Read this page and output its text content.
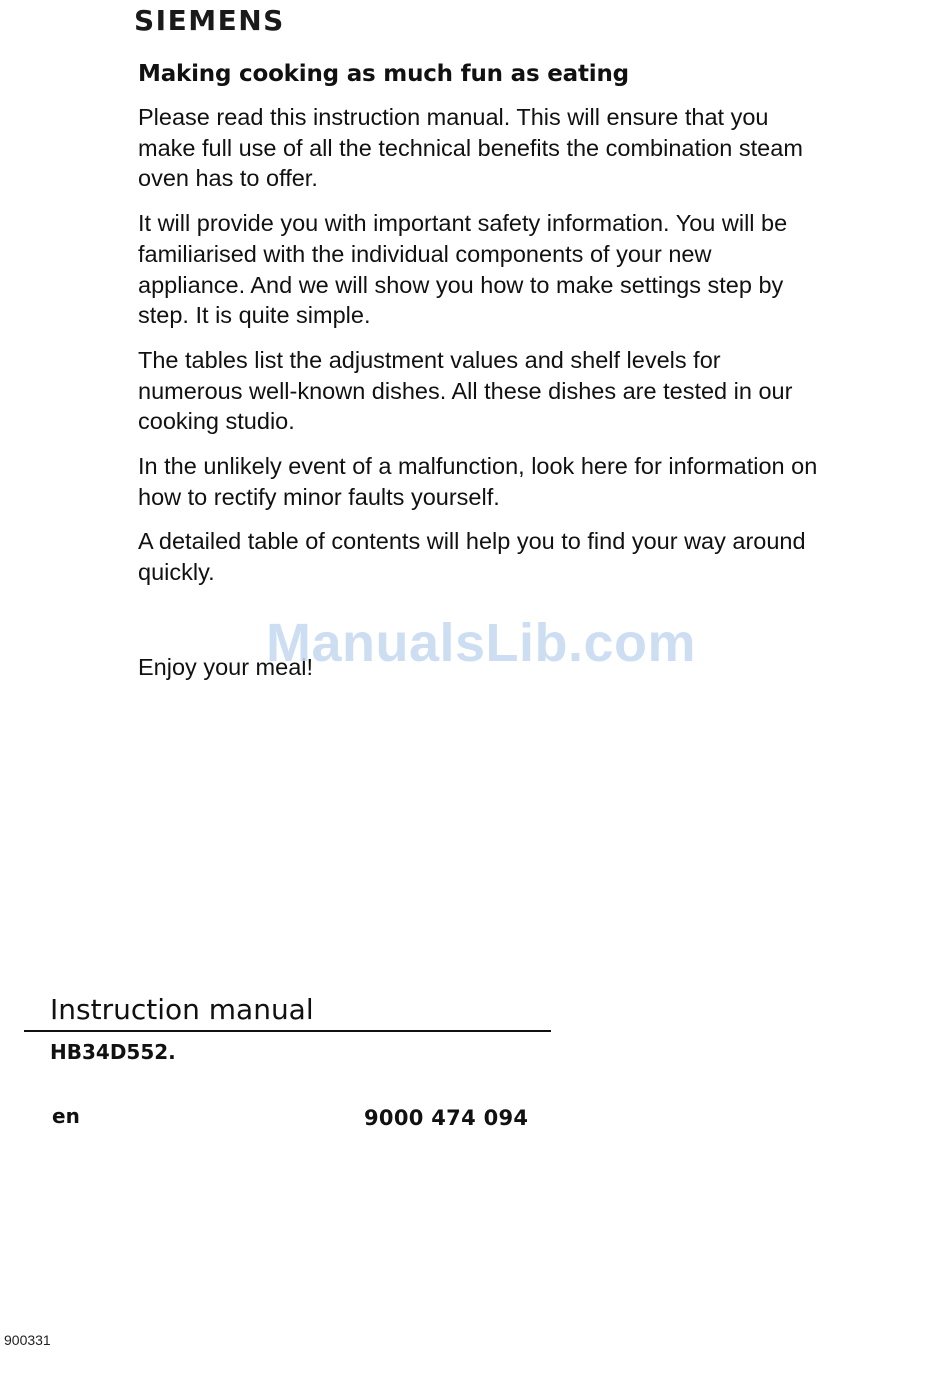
SIEMENS
Making cooking as much fun as eating

Please read this instruction manual. This will ensure that you make full use of all the technical benefits the combination steam oven has to offer.

It will provide you with important safety information. You will be familiarised with the individual components of your new appliance. And we will show you how to make settings step by step. It is quite simple.

The tables list the adjustment values and shelf levels for numerous well-known dishes. All these dishes are tested in our cooking studio.

In the unlikely event of a malfunction, look here for information on how to rectify minor faults yourself.

A detailed table of contents will help you to find your way around quickly.

Enjoy your meal!

ManualsLib.com
Instruction manual
HB34D552.
en	9000 474 094
900331
